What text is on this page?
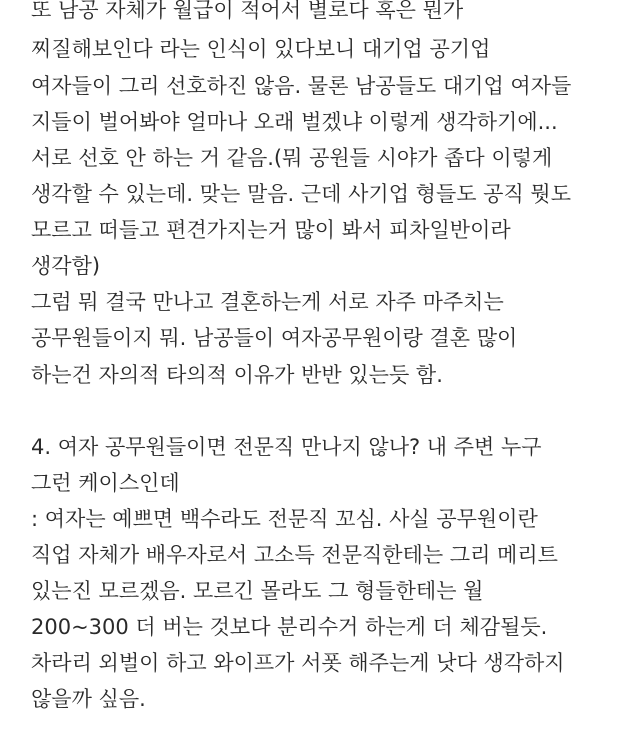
또 남공 자체가 월급이 적어서 별로다 혹은 뭔가
찌질해보인다 라는 인식이 있다보니 대기업 공기업
여자들이 그리 선호하진 않음. 물론 남공들도 대기업 여자들
지들이 벌어봐야 얼마나 오래 벌겠냐 이렇게 생각하기에...
서로 선호 안 하는 거 같음.(뭐 공원들 시야가 좁다 이렇게
생각할 수 있는데. 맞는 말음. 근데 사기업 형들도 공직 뭣도
모르고 떠들고 편견가지는거 많이 봐서 피차일반이라
생각함)
그럼 뭐 결국 만나고 결혼하는게 서로 자주 마주치는
공무원들이지 뭐. 남공들이 여자공무원이랑 결혼 많이
하는건 자의적 타의적 이유가 반반 있는듯 함.
4. 여자 공무원들이면 전문직 만나지 않나? 내 주변 누구
그런 케이스인데
: 여자는 예쁘면 백수라도 전문직 꼬심. 사실 공무원이란
직업 자체가 배우자로서 고소득 전문직한테는 그리 메리트
있는진 모르겠음. 모르긴 몰라도 그 형들한테는 월
200~300 더 버는 것보다 분리수거 하는게 더 체감될듯.
차라리 외벌이 하고 와이프가 서폿 해주는게 낫다 생각하지
않을까 싶음.
